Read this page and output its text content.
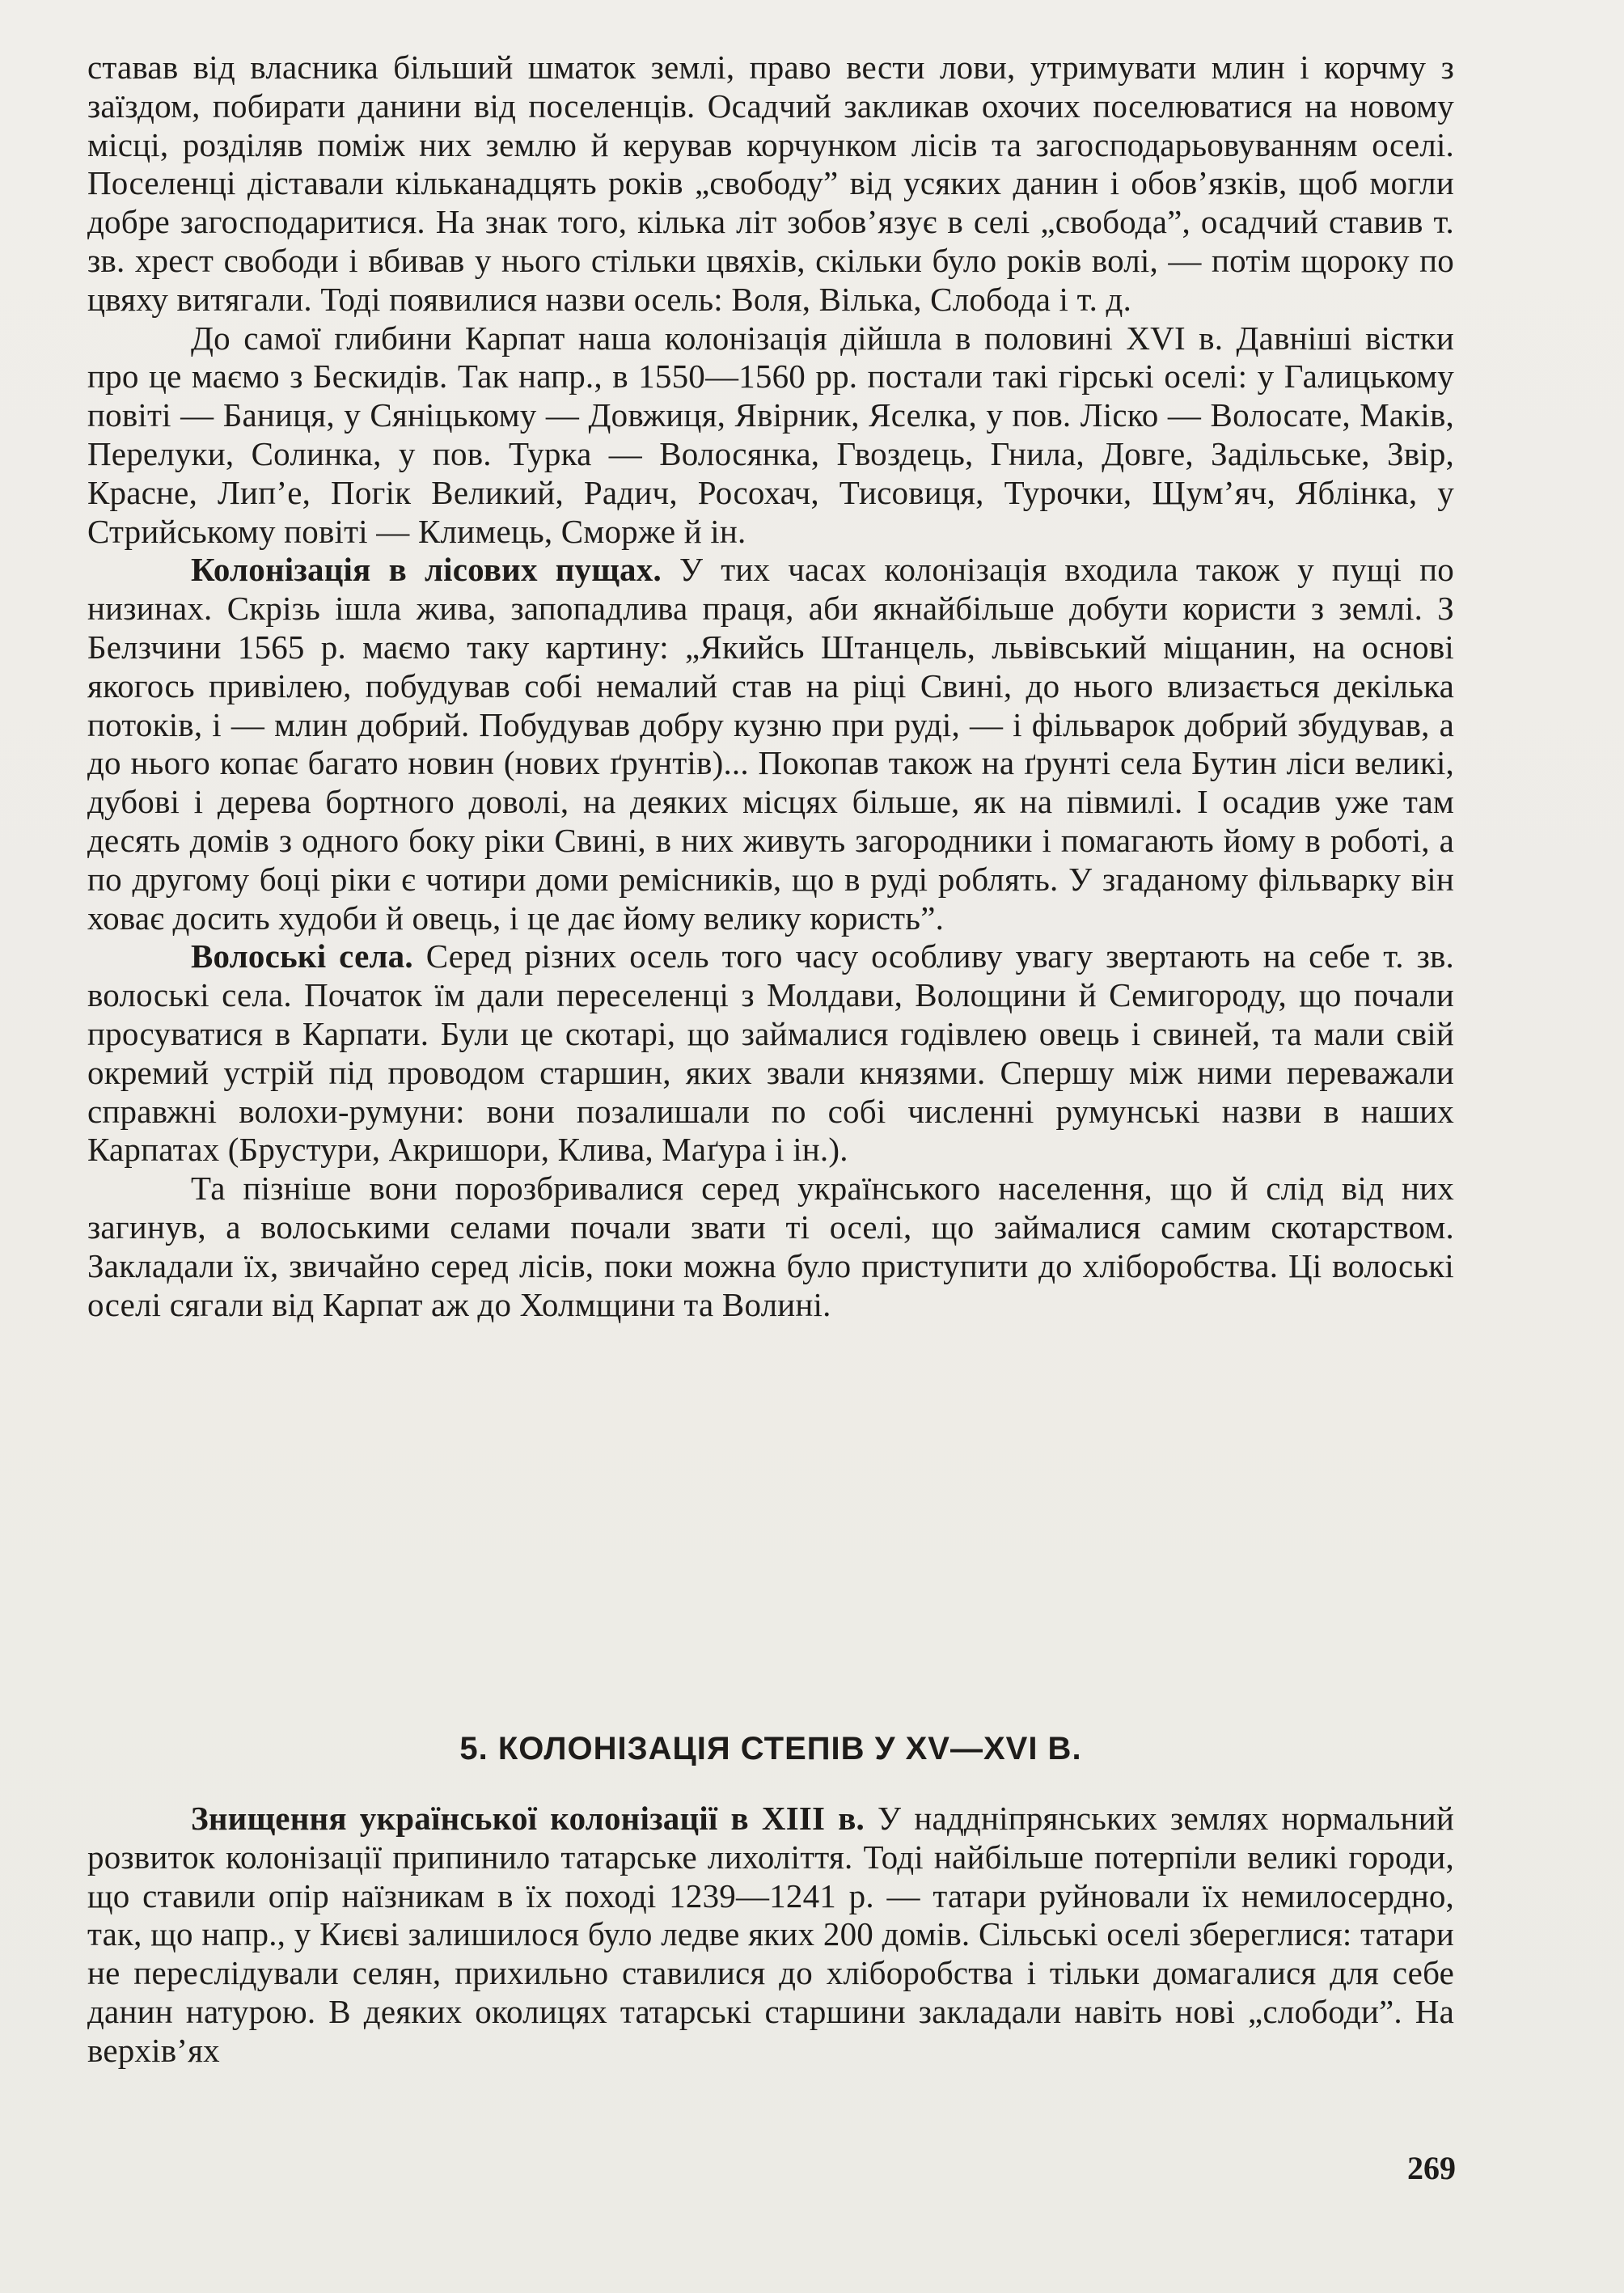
ставав від власника більший шматок землі, право вести лови, утримувати млин і корчму з заїздом, побирати данини від поселенців. Осадчий закликав охочих поселюватися на новому місці, розділяв поміж них землю й керував корчунком лісів та загосподарьовуванням оселі. Поселенці діставали кільканадцять років „свободу” від усяких данин і обов’язків, щоб могли добре загосподаритися. На знак того, кілька літ зобов’язує в селі „свобода”, осадчий ставив т. зв. хрест свободи і вбивав у нього стільки цвяхів, скільки було років волі, — потім щороку по цвяху витягали. Тоді появилися назви осель: Воля, Вілька, Слобода і т. д.

До самої глибини Карпат наша колонізація дійшла в половині XVI в. Давніші вістки про це маємо з Бескидів. Так напр., в 1550—1560 рр. постали такі гірські оселі: у Галицькому повіті — Баниця, у Сяніцькому — Довжиця, Явірник, Яселка, у пов. Ліско — Волосате, Маків, Перелуки, Солинка, у пов. Турка — Волосянка, Гвоздець, Гнила, Довге, Задільське, Звір, Красне, Лип’е, Погік Великий, Радич, Росохач, Тисовиця, Турочки, Щум’яч, Яблінка, у Стрийському повіті — Климець, Сморже й ін.

Колонізація в лісових пущах. У тих часах колонізація входила також у пущі по низинах. Скрізь ішла жива, запопадлива праця, аби якнайбільше добути користи з землі. З Белзчини 1565 р. маємо таку картину: „Якийсь Штанцель, львівський міщанин, на основі якогось привілею, побудував собі немалий став на ріці Свині, до нього влизається декілька потоків, і — млин добрий. Побудував добру кузню при руді, — і фільварок добрий збудував, а до нього копає багато новин (нових ґрунтів)... Покопав також на ґрунті села Бутин ліси великі, дубові і дерева бортного доволі, на деяких місцях більше, як на півмилі. І осадив уже там десять домів з одного боку ріки Свині, в них живуть загородники і помагають йому в роботі, а по другому боці ріки є чотири доми ремісників, що в руді роблять. У згаданому фільварку він ховає досить худоби й овець, і це дає йому велику користь”.

Волоські села. Серед різних осель того часу особливу увагу звертають на себе т. зв. волоські села. Початок їм дали переселенці з Молдави, Волощини й Семигороду, що почали просуватися в Карпати. Були це скотарі, що займалися годівлею овець і свиней, та мали свій окремий устрій під проводом старшин, яких звали князями. Спершу між ними переважали справжні волохи-румуни: вони позалишали по собі численні румунські назви в наших Карпатах (Брустури, Акришори, Клива, Маґура і ін.).

Та пізніше вони порозбривалися серед українського населення, що й слід від них загинув, а волоськими селами почали звати ті оселі, що займалися самим скотарством. Закладали їх, звичайно серед лісів, поки можна було приступити до хліборобства. Ці волоські оселі сягали від Карпат аж до Холмщини та Волині.

5. КОЛОНІЗАЦІЯ СТЕПІВ У XV—XVI В.

Знищення української колонізації в XIII в. У наддніпрянських землях нормальний розвиток колонізації припинило татарське лихоліття. Тоді найбільше потерпіли великі городи, що ставили опір наїзникам в їх поході 1239—1241 р. — татари руйновали їх немилосердно, так, що напр., у Києві залишилося було ледве яких 200 домів. Сільські оселі збереглися: татари не переслідували селян, прихильно ставилися до хліборобства і тільки домагалися для себе данин натурою. В деяких околицях татарські старшини закладали навіть нові „слободи”. На верхів’ях

269
